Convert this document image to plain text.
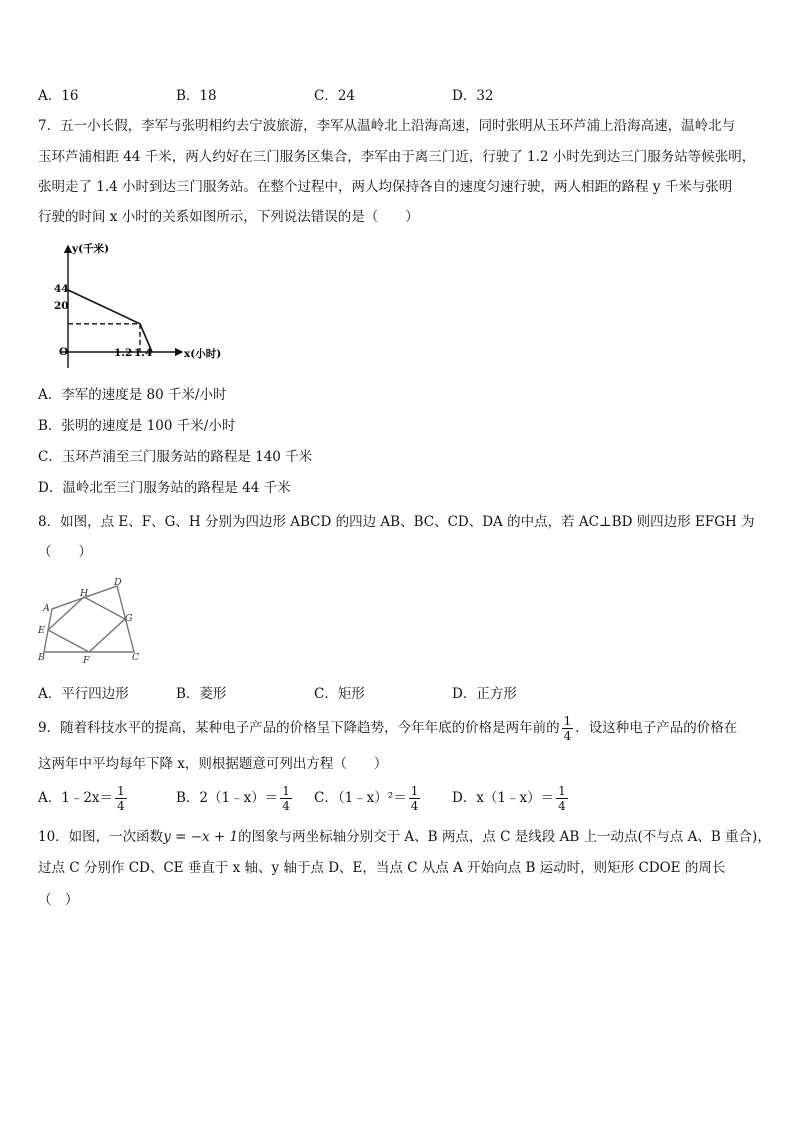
A．16	B．18	C．24	D．32
7．五一小长假，李军与张明相约去宁波旅游，李军从温岭北上沿海高速，同时张明从玉环芦浦上沿海高速，温岭北与
玉环芦浦相距 44 千米，两人约好在三门服务区集合，李军由于离三门近，行驶了 1.2 小时先到达三门服务站等候张明，
张明走了 1.4 小时到达三门服务站。在整个过程中，两人均保持各自的速度匀速行驶，两人相距的路程 y 千米与张明
行驶的时间 x 小时的关系如图所示，下列说法错误的是（　　）
y(千米)
x(小时)
O
44
20
1.2 1.4
A．李军的速度是 80 千米/小时
B．张明的速度是 100 千米/小时
C．玉环芦浦至三门服务站的路程是 140 千米
D．温岭北至三门服务站的路程是 44 千米
8．如图，点 E、F、G、H 分别为四边形 ABCD 的四边 AB、BC、CD、DA 的中点，若 AC⊥BD 则四边形 EFGH 为
（　　）
A
B	C
D
E
F
G
H
A．平行四边形	B．菱形	C．矩形	D．正方形
9．随着科技水平的提高，某种电子产品的价格呈下降趋势，今年年底的价格是两年前的 $\frac{1}{4}$ ．设这种电子产品的价格在
这两年中平均每年下降 x，则根据题意可列出方程（　　）
A．1﹣2x＝ $\frac{1}{4}$	B．2（1﹣x）＝ $\frac{1}{4}$ C．（1﹣x）²＝ $\frac{1}{4}$ D．x（1﹣x）＝ $\frac{1}{4}$
10．如图，一次函数y = −x + 1的图象与两坐标轴分别交于 A、B 两点，点 C 是线段 AB 上一动点(不与点 A、B 重合)，
过点 C 分别作 CD、CE 垂直于 x 轴、y 轴于点 D、E，当点 C 从点 A 开始向点 B 运动时，则矩形 CDOE 的周长
（　）
